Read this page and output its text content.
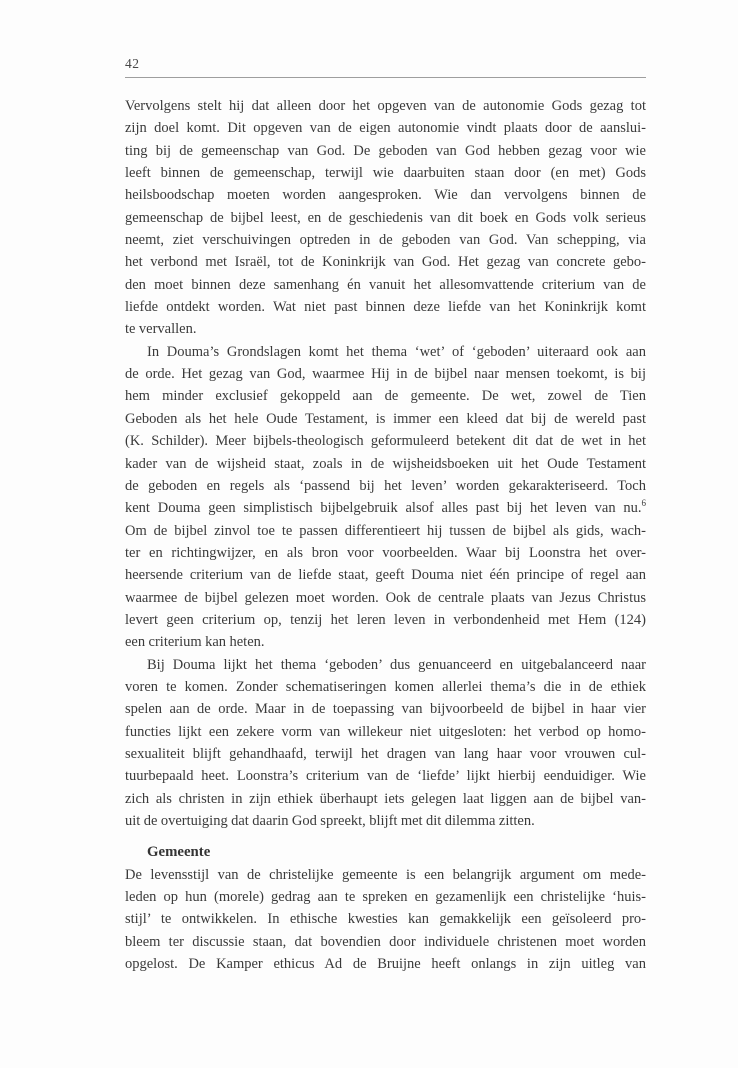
42
Vervolgens stelt hij dat alleen door het opgeven van de autonomie Gods gezag tot
zijn doel komt. Dit opgeven van de eigen autonomie vindt plaats door de aanslui-
ting bij de gemeenschap van God. De geboden van God hebben gezag voor wie
leeft binnen de gemeenschap, terwijl wie daarbuiten staan door (en met) Gods
heilsboodschap moeten worden aangesproken. Wie dan vervolgens binnen de
gemeenschap de bijbel leest, en de geschiedenis van dit boek en Gods volk serieus
neemt, ziet verschuivingen optreden in de geboden van God. Van schepping, via
het verbond met Israël, tot de Koninkrijk van God. Het gezag van concrete gebo-
den moet binnen deze samenhang én vanuit het allesomvattende criterium van de
liefde ontdekt worden. Wat niet past binnen deze liefde van het Koninkrijk komt
te vervallen.
In Douma’s Grondslagen komt het thema ‘wet’ of ‘geboden’ uiteraard ook aan
de orde. Het gezag van God, waarmee Hij in de bijbel naar mensen toekomt, is bij
hem minder exclusief gekoppeld aan de gemeente. De wet, zowel de Tien
Geboden als het hele Oude Testament, is immer een kleed dat bij de wereld past
(K. Schilder). Meer bijbels-theologisch geformuleerd betekent dit dat de wet in het
kader van de wijsheid staat, zoals in de wijsheidsboeken uit het Oude Testament
de geboden en regels als ‘passend bij het leven’ worden gekarakteriseerd. Toch
kent Douma geen simplistisch bijbelgebruik alsof alles past bij het leven van nu.$^6$
Om de bijbel zinvol toe te passen differentieert hij tussen de bijbel als gids, wach-
ter en richtingwijzer, en als bron voor voorbeelden. Waar bij Loonstra het over-
heersende criterium van de liefde staat, geeft Douma niet één principe of regel aan
waarmee de bijbel gelezen moet worden. Ook de centrale plaats van Jezus Christus
levert geen criterium op, tenzij het leren leven in verbondenheid met Hem (124)
een criterium kan heten.
Bij Douma lijkt het thema ‘geboden’ dus genuanceerd en uitgebalanceerd naar
voren te komen. Zonder schematiseringen komen allerlei thema’s die in de ethiek
spelen aan de orde. Maar in de toepassing van bijvoorbeeld de bijbel in haar vier
functies lijkt een zekere vorm van willekeur niet uitgesloten: het verbod op homo-
sexualiteit blijft gehandhaafd, terwijl het dragen van lang haar voor vrouwen cul-
tuurbepaald heet. Loonstra’s criterium van de ‘liefde’ lijkt hierbij eenduidiger. Wie
zich als christen in zijn ethiek überhaupt iets gelegen laat liggen aan de bijbel van-
uit de overtuiging dat daarin God spreekt, blijft met dit dilemma zitten.
Gemeente
De levensstijl van de christelijke gemeente is een belangrijk argument om mede-
leden op hun (morele) gedrag aan te spreken en gezamenlijk een christelijke ‘huis-
stijl’ te ontwikkelen. In ethische kwesties kan gemakkelijk een geïsoleerd pro-
bleem ter discussie staan, dat bovendien door individuele christenen moet worden
opgelost. De Kamper ethicus Ad de Bruijne heeft onlangs in zijn uitleg van
